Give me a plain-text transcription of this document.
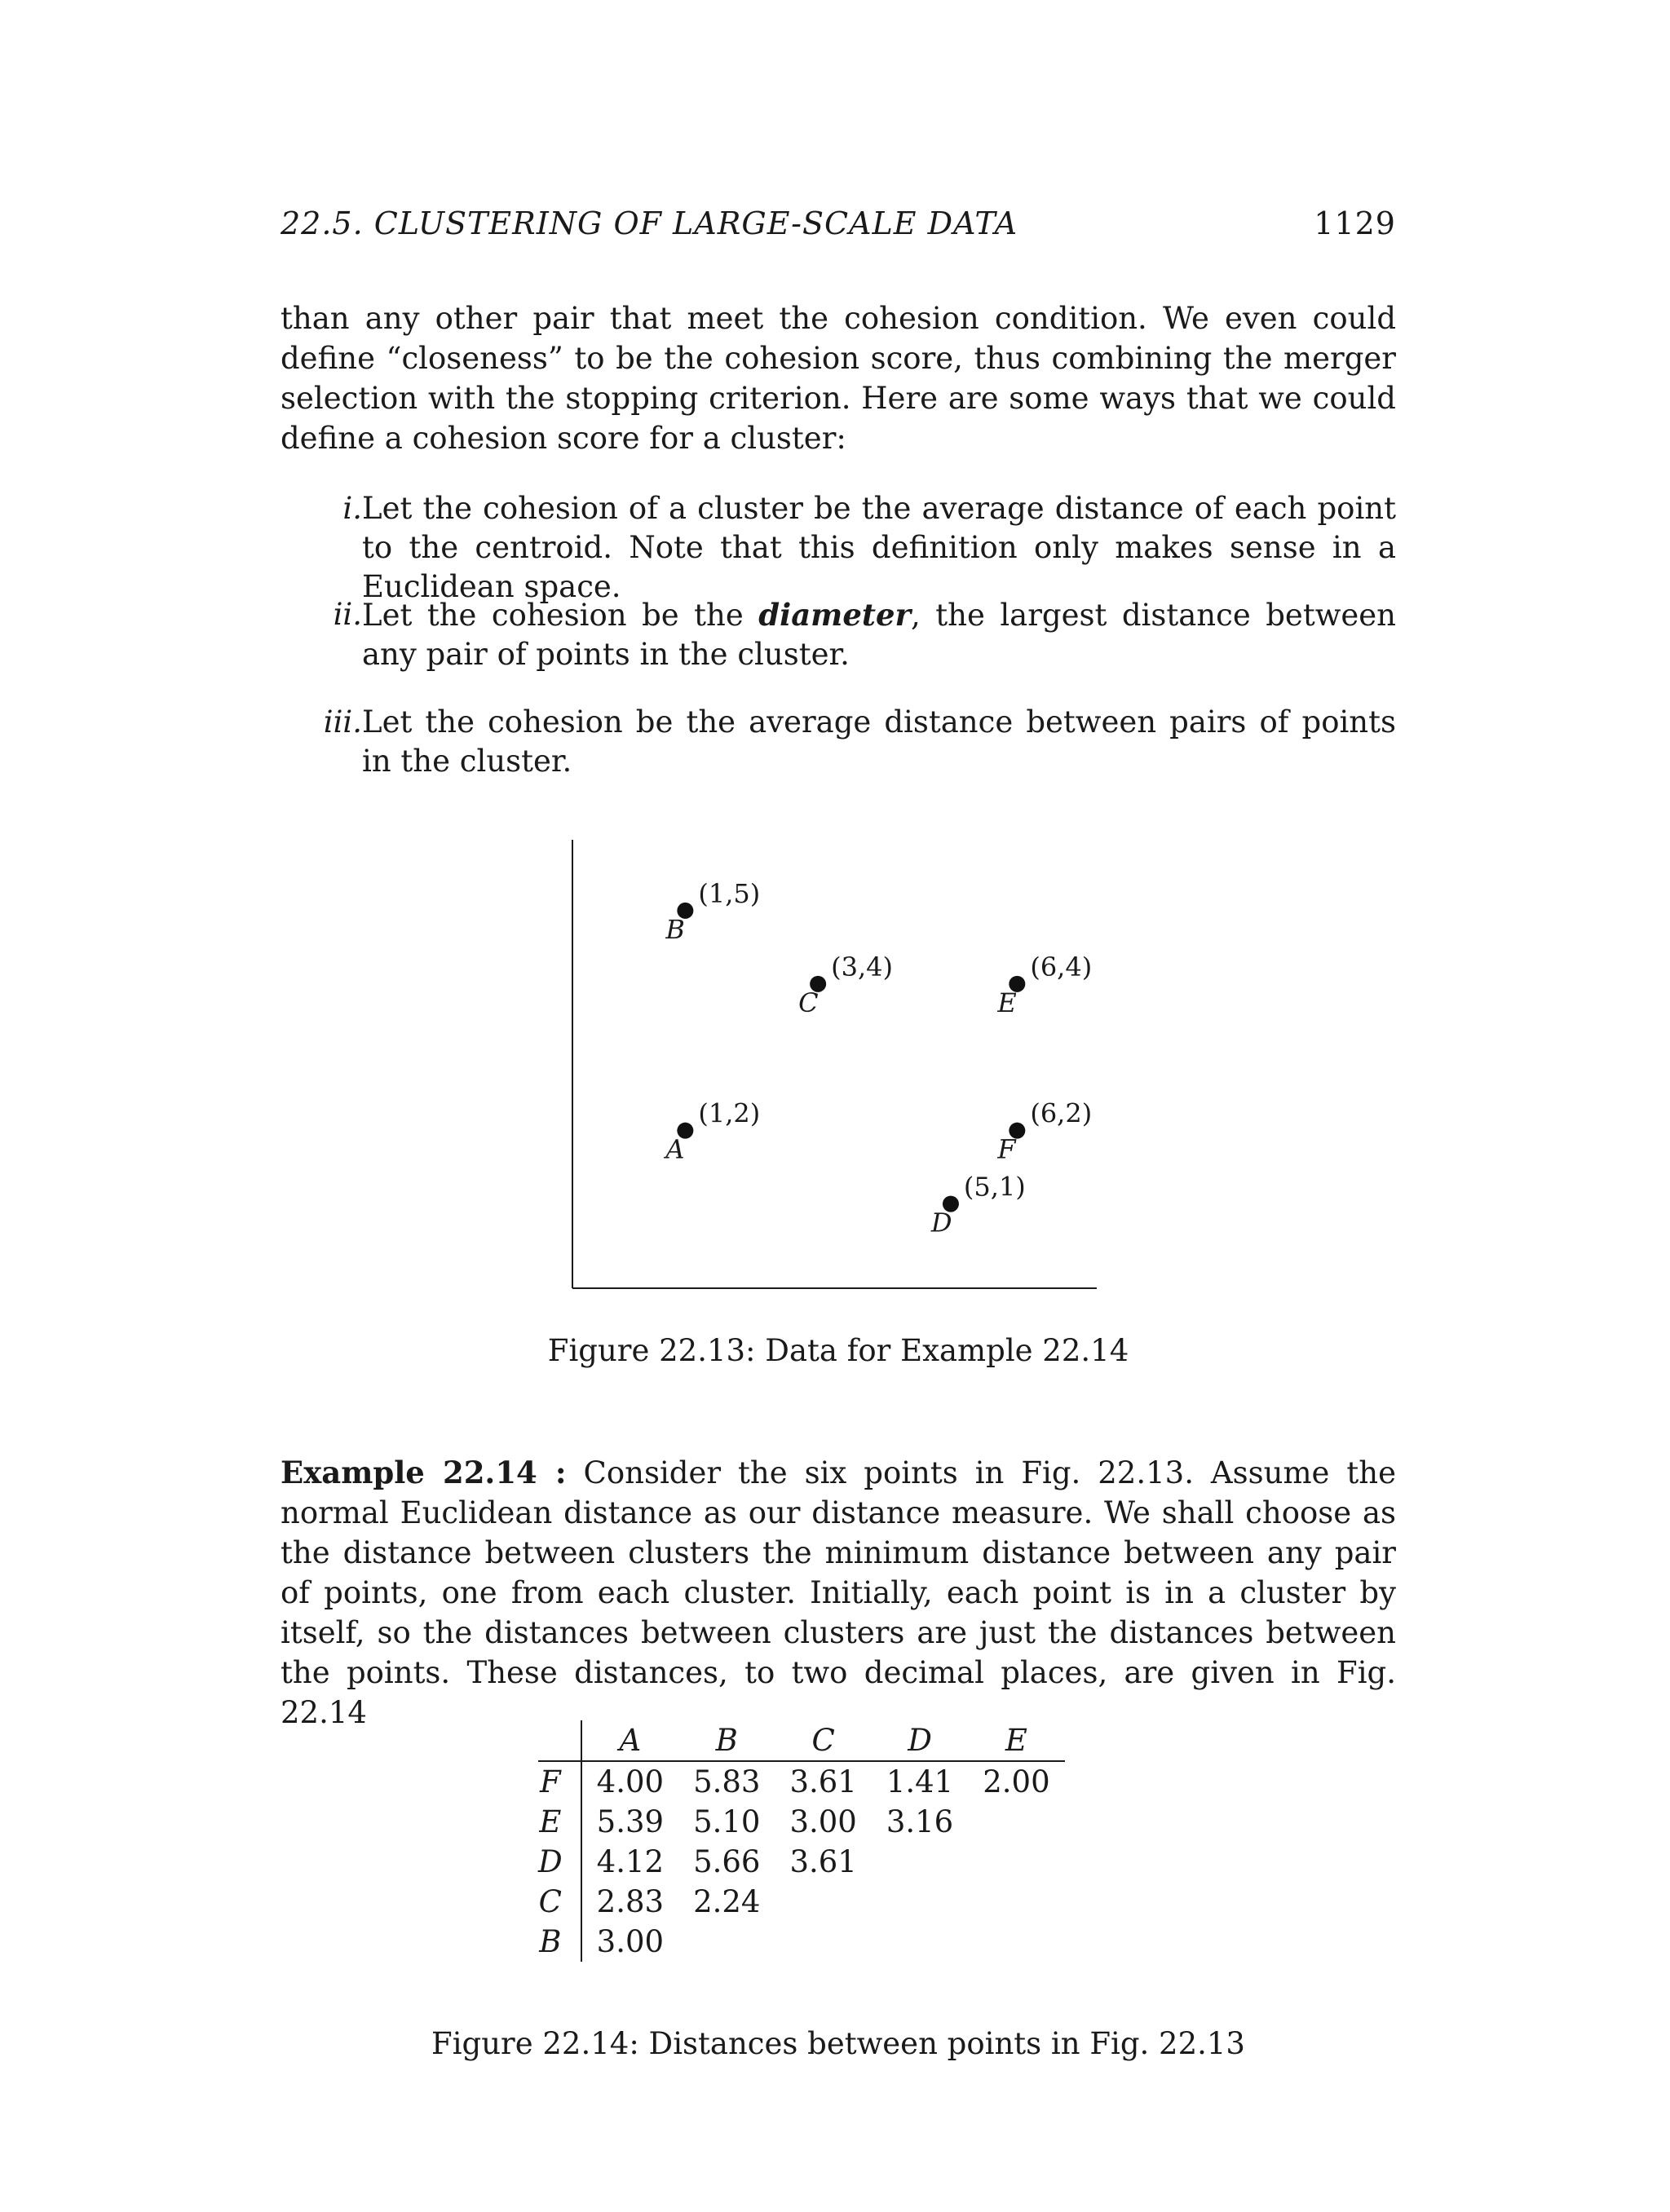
22.5. CLUSTERING OF LARGE-SCALE DATA	1129
than any other pair that meet the cohesion condition. We even could define “closeness” to be the cohesion score, thus combining the merger selection with the stopping criterion. Here are some ways that we could define a cohesion score for a cluster:
i. Let the cohesion of a cluster be the average distance of each point to the centroid. Note that this definition only makes sense in a Euclidean space.
ii. Let the cohesion be the diameter, the largest distance between any pair of points in the cluster.
iii. Let the cohesion be the average distance between pairs of points in the cluster.
A
(1,2)
B
(1,5)
C
(3,4)
D
(5,1)
E
(6,4)
F
(6,2)
Figure 22.13: Data for Example 22.14
Example 22.14 : Consider the six points in Fig. 22.13. Assume the normal Euclidean distance as our distance measure. We shall choose as the distance between clusters the minimum distance between any pair of points, one from each cluster. Initially, each point is in a cluster by itself, so the distances between clusters are just the distances between the points. These distances, to two decimal places, are given in Fig. 22.14
	A	B	C	D	E
F	4.00	5.83	3.61	1.41	2.00
E	5.39	5.10	3.00	3.16	
D	4.12	5.66	3.61		
C	2.83	2.24			
B	3.00				
Figure 22.14: Distances between points in Fig. 22.13
